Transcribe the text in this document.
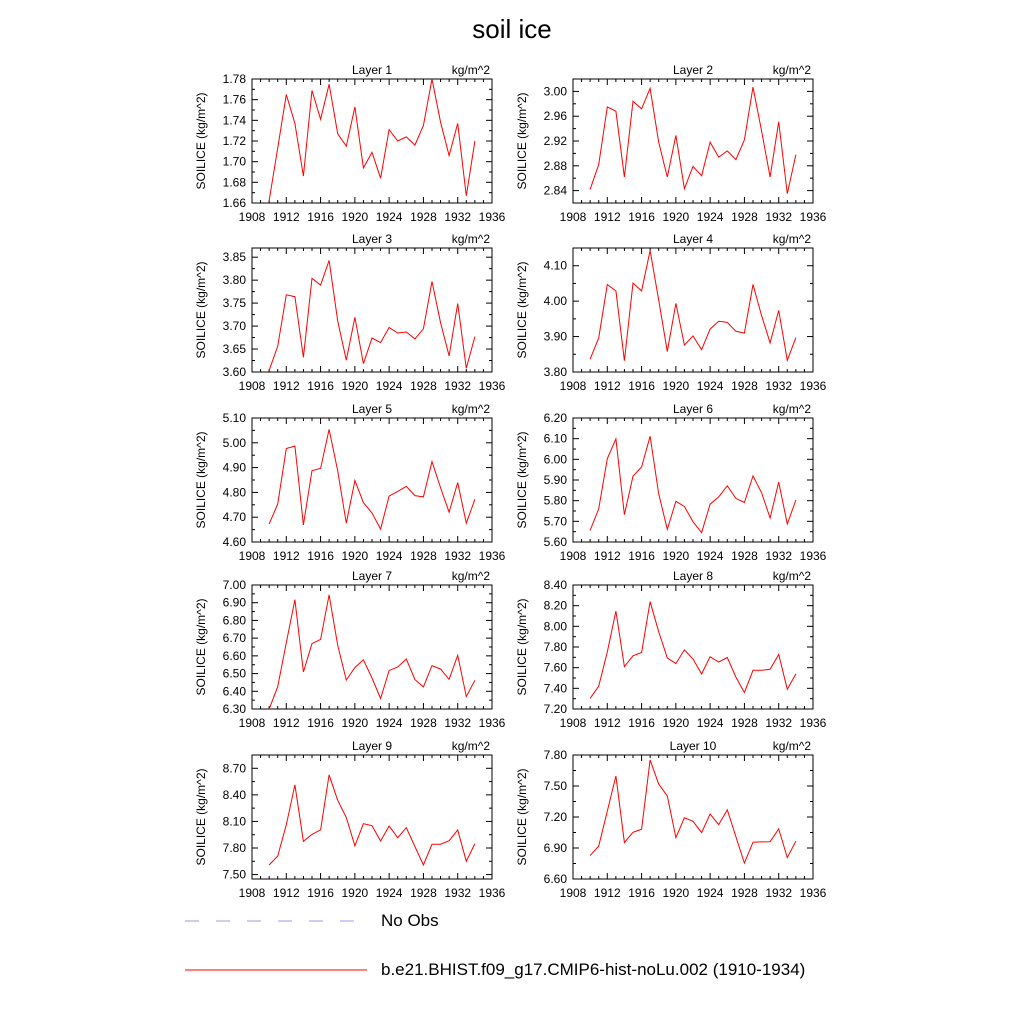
soil ice
1908 1912 1916 1920 1924 1928 1932 1936
1.66
1.68
1.70
1.72
1.74
1.76
1.78
Layer 1	kg/m^2
SOILICE (kg/m^2)
1908 1912 1916 1920 1924 1928 1932 1936
2.84
2.88
2.92
2.96
3.00
Layer 2	kg/m^2
SOILICE (kg/m^2)
1908 1912 1916 1920 1924 1928 1932 1936
3.60
3.65
3.70
3.75
3.80
3.85
Layer 3	kg/m^2
SOILICE (kg/m^2)
1908 1912 1916 1920 1924 1928 1932 1936
3.80
3.90
4.00
4.10
Layer 4	kg/m^2
SOILICE (kg/m^2)
1908 1912 1916 1920 1924 1928 1932 1936
4.60
4.70
4.80
4.90
5.00
5.10
Layer 5	kg/m^2
SOILICE (kg/m^2)
1908 1912 1916 1920 1924 1928 1932 1936
5.60
5.70
5.80
5.90
6.00
6.10
6.20
Layer 6	kg/m^2
SOILICE (kg/m^2)
1908 1912 1916 1920 1924 1928 1932 1936
6.30
6.40
6.50
6.60
6.70
6.80
6.90
7.00
Layer 7	kg/m^2
SOILICE (kg/m^2)
1908 1912 1916 1920 1924 1928 1932 1936
7.20
7.40
7.60
7.80
8.00
8.20
8.40
Layer 8	kg/m^2
SOILICE (kg/m^2)
1908 1912 1916 1920 1924 1928 1932 1936
7.50
7.80
8.10
8.40
8.70
Layer 9	kg/m^2
SOILICE (kg/m^2)
1908 1912 1916 1920 1924 1928 1932 1936
6.60
6.90
7.20
7.50
7.80
Layer 10	kg/m^2
SOILICE (kg/m^2)
No Obs
b.e21.BHIST.f09_g17.CMIP6-hist-noLu.002 (1910-1934)
